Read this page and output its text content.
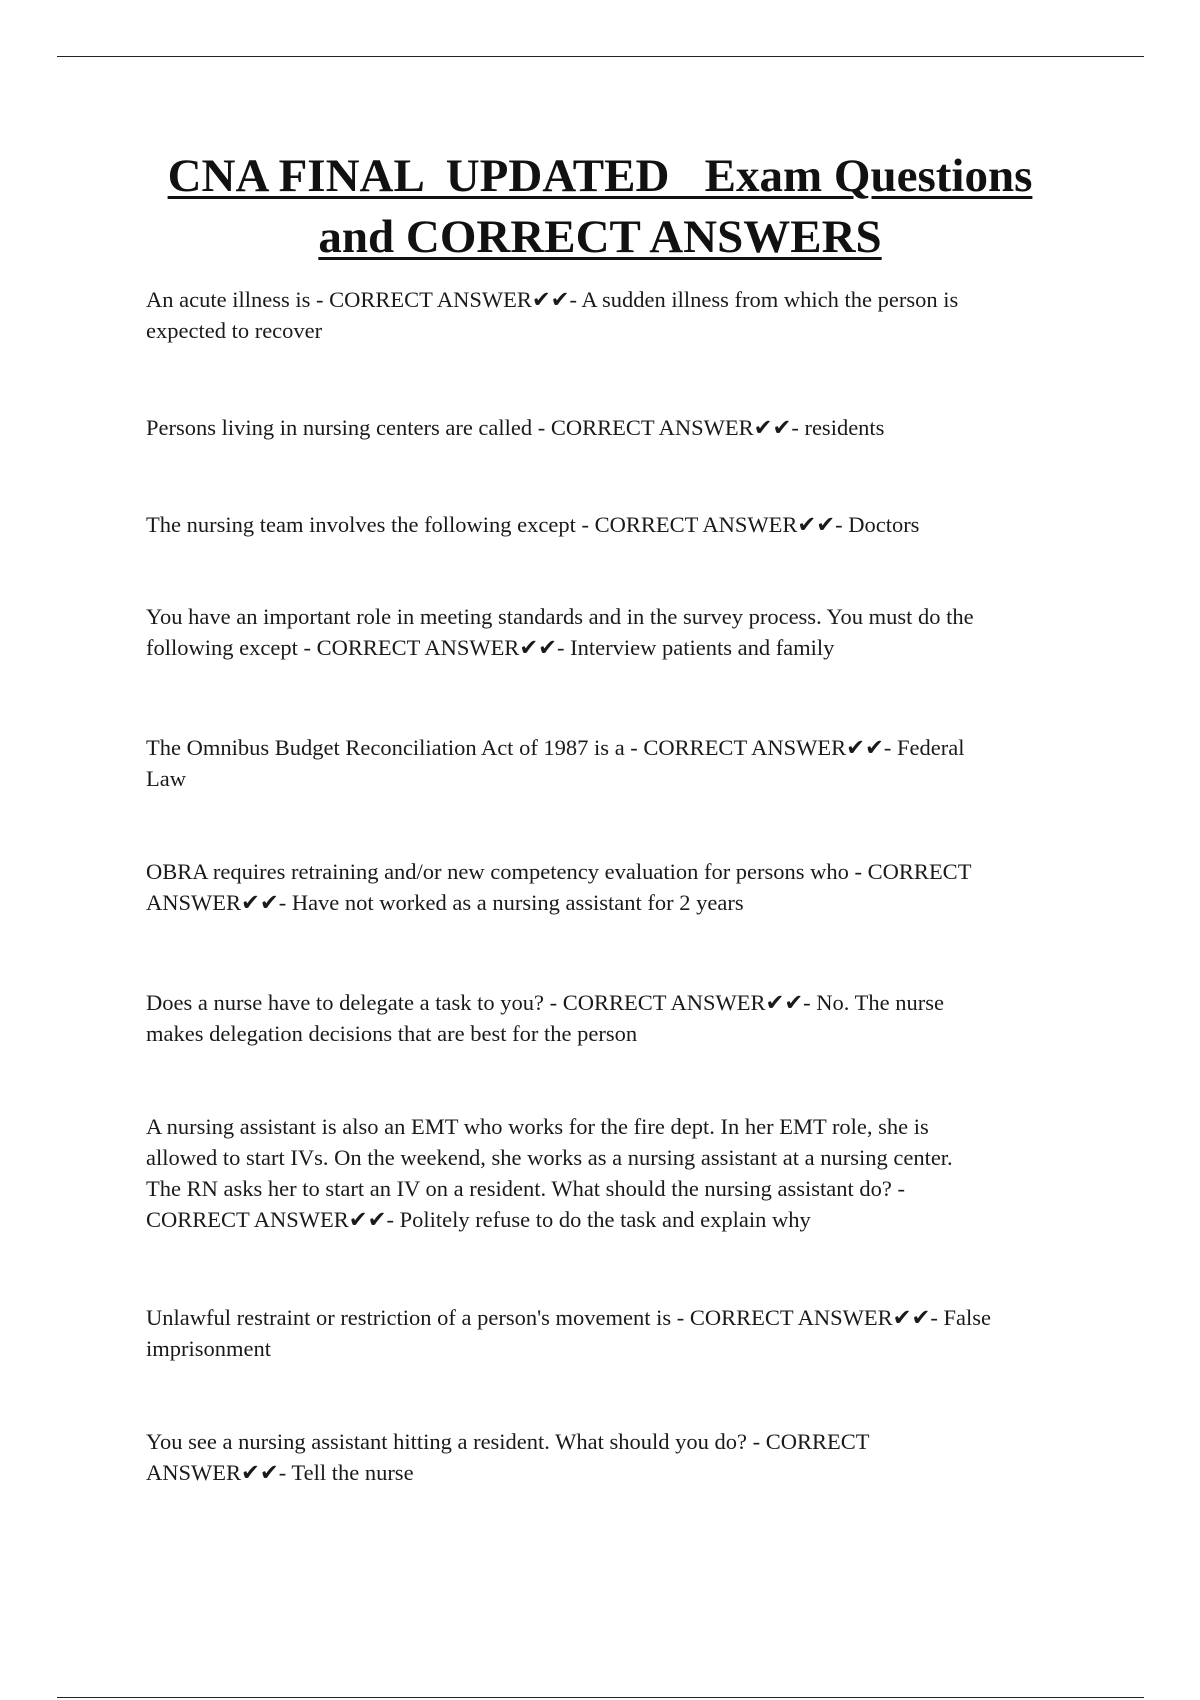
CNA FINAL  UPDATED   Exam Questions
and CORRECT ANSWERS

An acute illness is - CORRECT ANSWER✔✔- A sudden illness from which the person is
expected to recover

Persons living in nursing centers are called - CORRECT ANSWER✔✔- residents

The nursing team involves the following except - CORRECT ANSWER✔✔- Doctors

You have an important role in meeting standards and in the survey process. You must do the
following except - CORRECT ANSWER✔✔- Interview patients and family

The Omnibus Budget Reconciliation Act of 1987 is a - CORRECT ANSWER✔✔- Federal
Law

OBRA requires retraining and/or new competency evaluation for persons who - CORRECT
ANSWER✔✔- Have not worked as a nursing assistant for 2 years

Does a nurse have to delegate a task to you? - CORRECT ANSWER✔✔- No. The nurse
makes delegation decisions that are best for the person

A nursing assistant is also an EMT who works for the fire dept. In her EMT role, she is
allowed to start IVs. On the weekend, she works as a nursing assistant at a nursing center.
The RN asks her to start an IV on a resident. What should the nursing assistant do? -
CORRECT ANSWER✔✔- Politely refuse to do the task and explain why

Unlawful restraint or restriction of a person's movement is - CORRECT ANSWER✔✔- False
imprisonment

You see a nursing assistant hitting a resident. What should you do? - CORRECT
ANSWER✔✔- Tell the nurse
